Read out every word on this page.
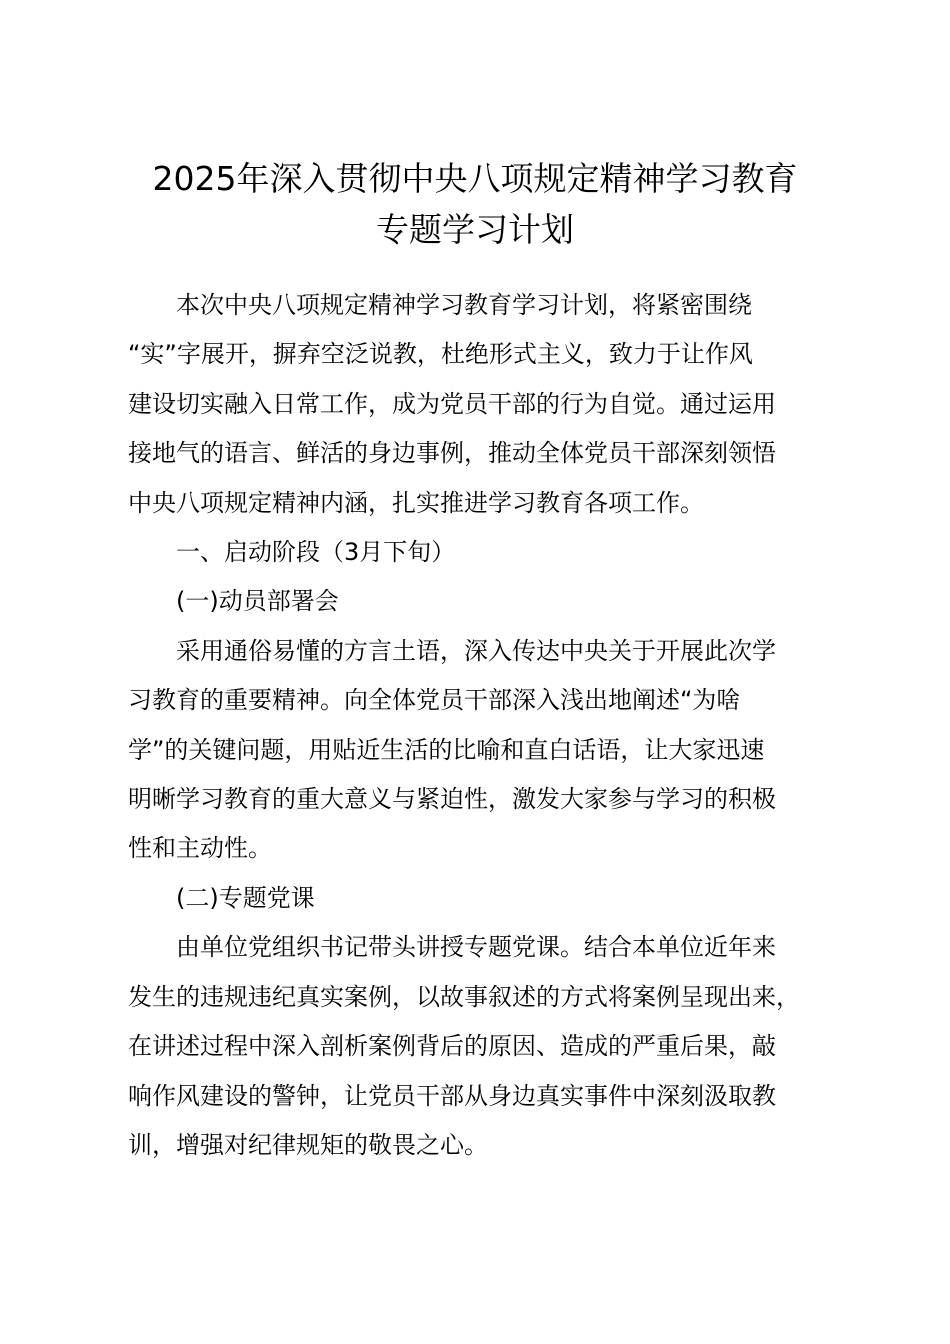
2025年深入贯彻中央八项规定精神学习教育
专题学习计划

本次中央八项规定精神学习教育学习计划，将紧密围绕
“实”字展开，摒弃空泛说教，杜绝形式主义，致力于让作风
建设切实融入日常工作，成为党员干部的行为自觉。通过运用
接地气的语言、鲜活的身边事例，推动全体党员干部深刻领悟
中央八项规定精神内涵，扎实推进学习教育各项工作。

一、启动阶段（3月下旬）

(一)动员部署会

采用通俗易懂的方言土语，深入传达中央关于开展此次学
习教育的重要精神。向全体党员干部深入浅出地阐述“为啥
学”的关键问题，用贴近生活的比喻和直白话语，让大家迅速
明晰学习教育的重大意义与紧迫性，激发大家参与学习的积极
性和主动性。

(二)专题党课

由单位党组织书记带头讲授专题党课。结合本单位近年来
发生的违规违纪真实案例，以故事叙述的方式将案例呈现出来，
在讲述过程中深入剖析案例背后的原因、造成的严重后果，敲
响作风建设的警钟，让党员干部从身边真实事件中深刻汲取教
训，增强对纪律规矩的敬畏之心。
